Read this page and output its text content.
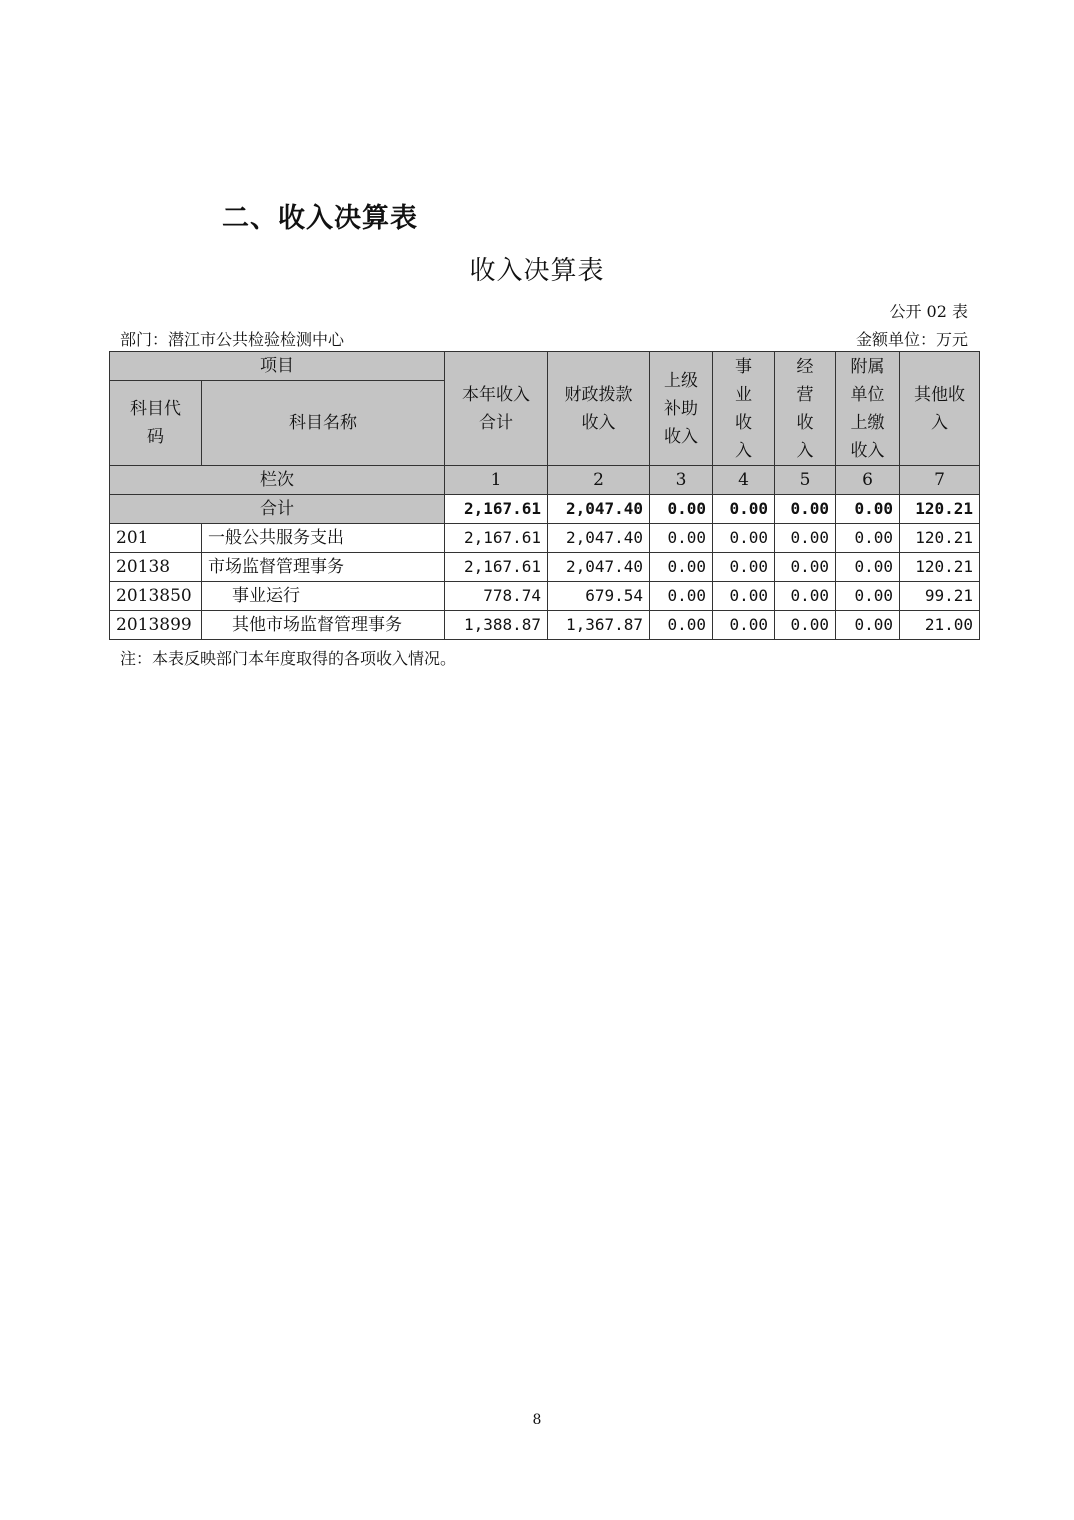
二、收入决算表
收入决算表
公开 02 表
部门：潜江市公共检验检测中心	金额单位：万元
项目		本年收入合计	财政拨款收入	上级补助收入	事业收入	经营收入	附属单位上缴收入	其他收入
科目代码	科目名称							
栏次		1	2	3	4	5	6	7
合计		2,167.61	2,047.40	0.00	0.00	0.00	0.00	120.21
201	一般公共服务支出	2,167.61	2,047.40	0.00	0.00	0.00	0.00	120.21
20138	市场监督管理事务	2,167.61	2,047.40	0.00	0.00	0.00	0.00	120.21
2013850	事业运行	778.74	679.54	0.00	0.00	0.00	0.00	99.21
2013899	其他市场监督管理事务	1,388.87	1,367.87	0.00	0.00	0.00	0.00	21.00
注：本表反映部门本年度取得的各项收入情况。
8
